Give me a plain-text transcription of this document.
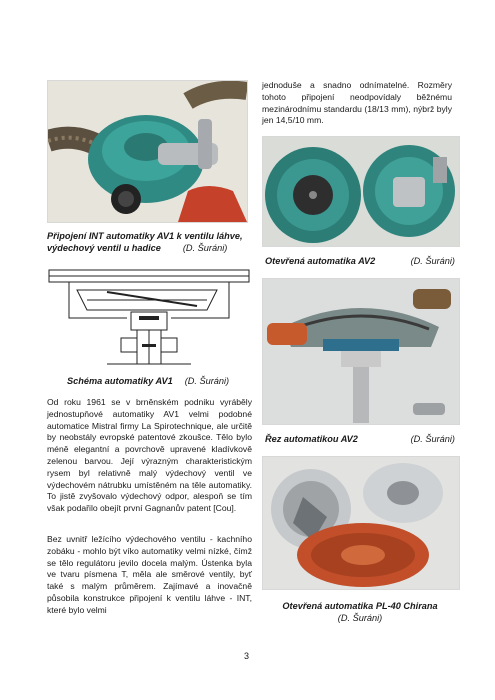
Připojení INT automatiky AV1 k ventilu láhve,
výdechový ventil u hadice (D. Šuráni)
Schéma automatiky AV1 (D. Šuráni)
Od roku 1961 se v brněnském podniku vyráběly jednostupňové automatiky AV1 velmi podobné automatice Mistral firmy La Spirotechnique, ale určitě by neobstály evropské patentové zkoušce. Tělo bylo méně elegantní a povrchově upravené kladívkově zelenou barvou. Její výrazným charakteristickým rysem byl relativně malý výdechový ventil ve výdechovém nátrubku umístěném na těle automatiky. To jistě zvyšovalo výdechový odpor, alespoň se tím však podařilo obejít první Gagnanův patent [Cou].
Bez uvnitř ležícího výdechového ventilu - kachního zobáku - mohlo být víko automatiky velmi nízké, čímž se tělo regulátoru jevilo docela malým. Ústenka byla ve tvaru písmena T, měla ale směrové ventily, byť také s malým průměrem. Zajímavé a inovačně působila konstrukce připojení k ventilu láhve - INT, které bylo velmi
jednoduše a snadno odnímatelné. Rozměry tohoto připojení neodpovídaly běžnému mezinárodnímu standardu (18/13 mm), nýbrž byly jen 14,5/10 mm.
Otevřená automatika AV2	(D. Šuráni)
Řez automatikou AV2	(D. Šuráni)
Otevřená automatika PL-40 Chirana
(D. Šuráni)
3
